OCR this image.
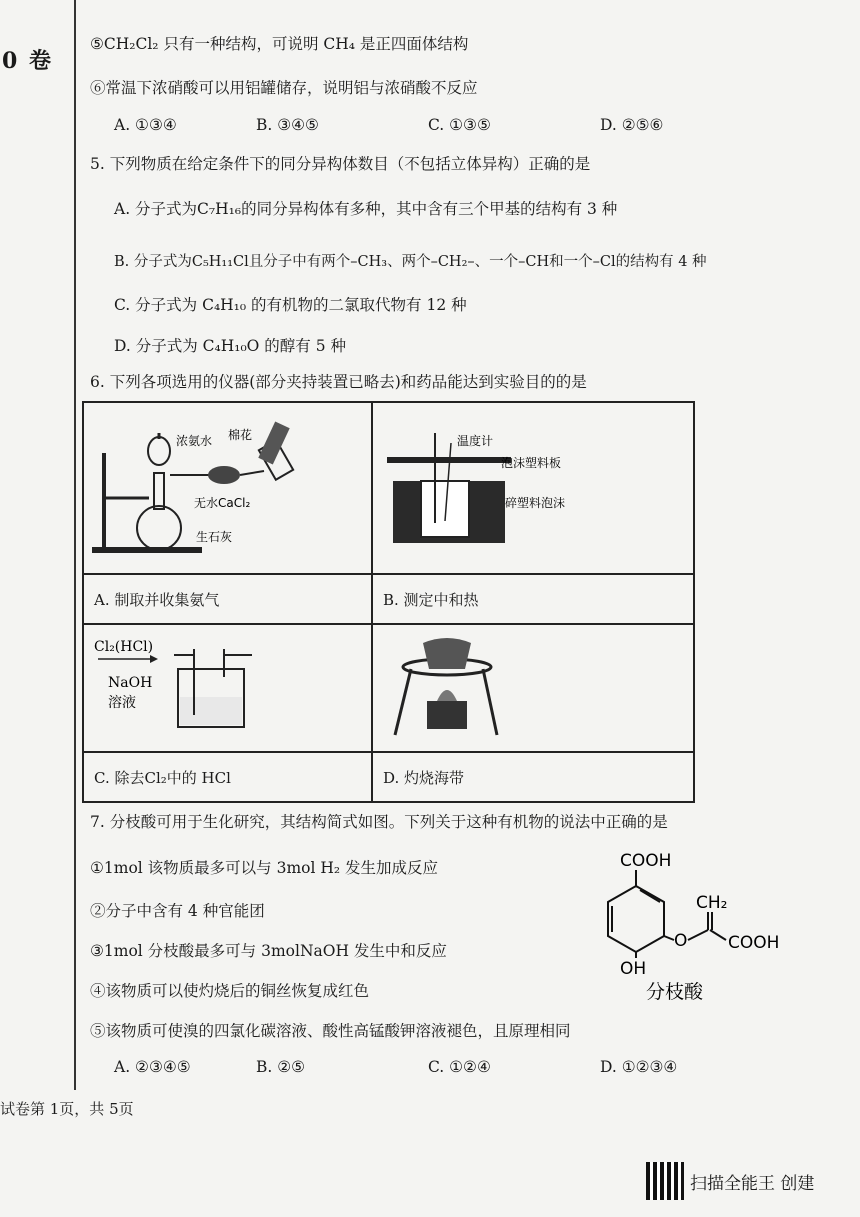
0 卷
⑤CH₂Cl₂ 只有一种结构，可说明 CH₄ 是正四面体结构
⑥常温下浓硝酸可以用铝罐储存，说明铝与浓硝酸不反应
A. ①③④	B. ③④⑤	C. ①③⑤	D. ②⑤⑥
5. 下列物质在给定条件下的同分异构体数目（不包括立体异构）正确的是
A. 分子式为C₇H₁₆的同分异构体有多种，其中含有三个甲基的结构有 3 种
B. 分子式为C₅H₁₁Cl且分子中有两个–CH₃、两个–CH₂–、一个–CH和一个–Cl的结构有 4 种
C. 分子式为 C₄H₁₀ 的有机物的二氯取代物有 12 种
D. 分子式为 C₄H₁₀O 的醇有 5 种
6. 下列各项选用的仪器(部分夹持装置已略去)和药品能达到实验目的的是
浓氨水 棉花
无水CaCl₂
生石灰	温度计
泡沫塑料板
碎塑料泡沫

A. 制取并收集氨气	B. 测定中和热

Cl₂(HCl)
NaOH
溶液

C. 除去Cl₂中的 HCl	D. 灼烧海带
7. 分枝酸可用于生化研究，其结构简式如图。下列关于这种有机物的说法中正确的是
①1mol 该物质最多可以与 3mol H₂ 发生加成反应
②分子中含有 4 种官能团
③1mol 分枝酸最多可与 3molNaOH 发生中和反应
④该物质可以使灼烧后的铜丝恢复成红色
⑤该物质可使溴的四氯化碳溶液、酸性高锰酸钾溶液褪色，且原理相同
COOH
O
CH₂
COOH
OH
分枝酸
A. ②③④⑤	B. ②⑤	C. ①②④	D. ①②③④
试卷第 1页，共 5页
扫描全能王 创建
